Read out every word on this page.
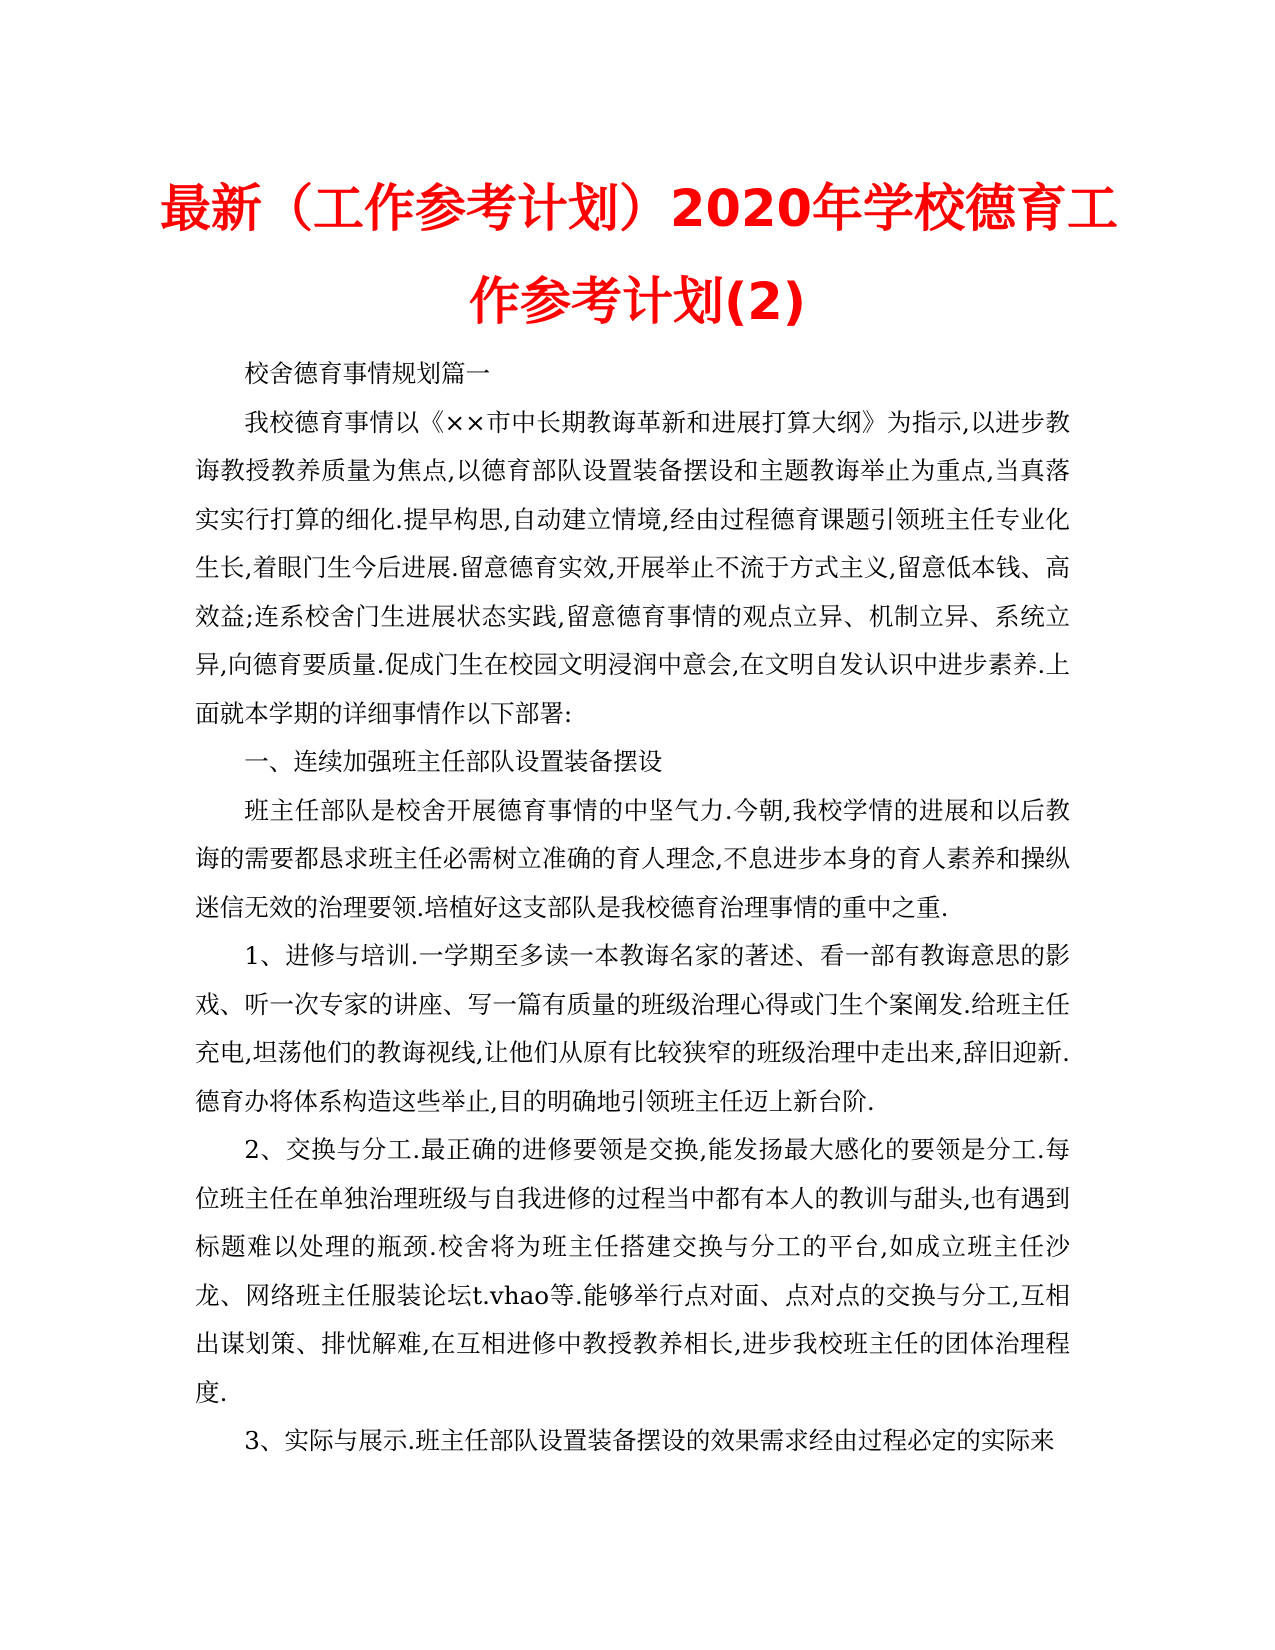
最新（工作参考计划）2020年学校德育工
作参考计划(2)

校舍德育事情规划篇一

我校德育事情以《××市中长期教诲革新和进展打算大纲》为指示,以进步教诲教授教养质量为焦点,以德育部队设置装备摆设和主题教诲举止为重点,当真落实实行打算的细化.提早构思,自动建立情境,经由过程德育课题引领班主任专业化生长,着眼门生今后进展.留意德育实效,开展举止不流于方式主义,留意低本钱、高效益;连系校舍门生进展状态实践,留意德育事情的观点立异、机制立异、系统立异,向德育要质量.促成门生在校园文明浸润中意会,在文明自发认识中进步素养.上面就本学期的详细事情作以下部署:

一、连续加强班主任部队设置装备摆设

班主任部队是校舍开展德育事情的中坚气力.今朝,我校学情的进展和以后教诲的需要都恳求班主任必需树立准确的育人理念,不息进步本身的育人素养和操纵迷信无效的治理要领.培植好这支部队是我校德育治理事情的重中之重.

1、进修与培训.一学期至多读一本教诲名家的著述、看一部有教诲意思的影戏、听一次专家的讲座、写一篇有质量的班级治理心得或门生个案阐发.给班主任充电,坦荡他们的教诲视线,让他们从原有比较狭窄的班级治理中走出来,辞旧迎新.德育办将体系构造这些举止,目的明确地引领班主任迈上新台阶.

2、交换与分工.最正确的进修要领是交换,能发扬最大感化的要领是分工.每位班主任在单独治理班级与自我进修的过程当中都有本人的教训与甜头,也有遇到标题难以处理的瓶颈.校舍将为班主任搭建交换与分工的平台,如成立班主任沙龙、网络班主任服装论坛t.vhao等.能够举行点对面、点对点的交换与分工,互相出谋划策、排忧解难,在互相进修中教授教养相长,进步我校班主任的团体治理程度.

3、实际与展示.班主任部队设置装备摆设的效果需求经由过程必定的实际来
